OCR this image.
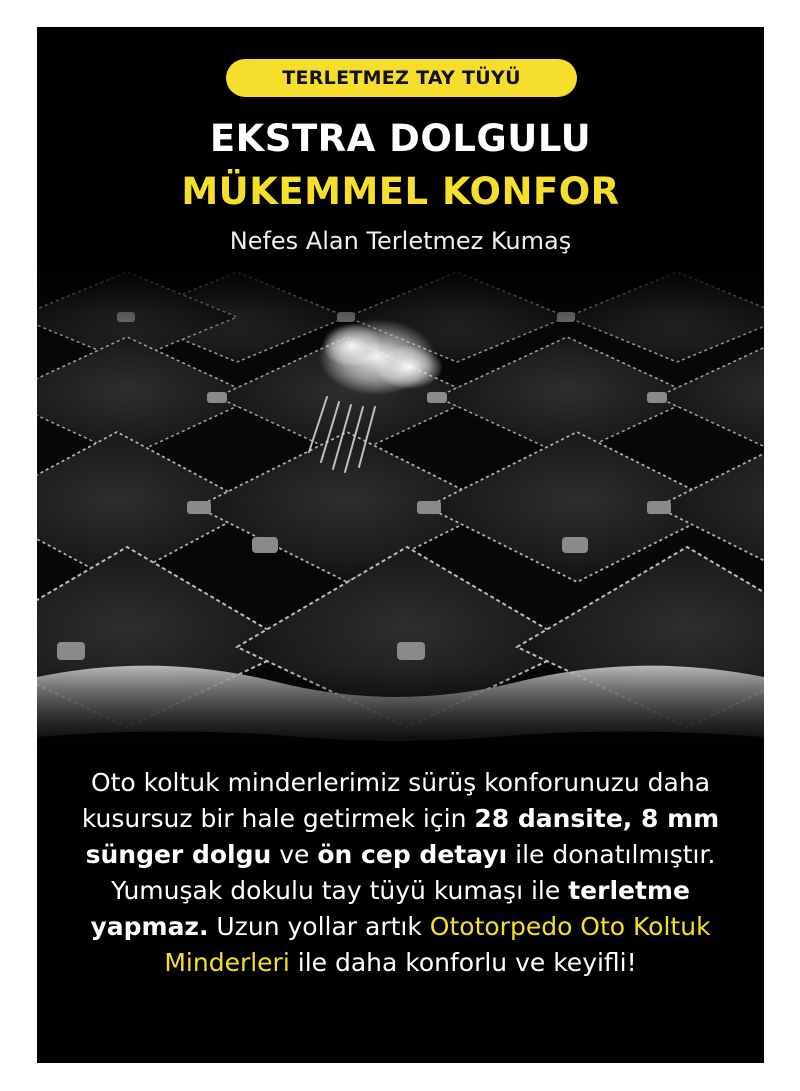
TERLETMEZ TAY TÜYÜ
EKSTRA DOLGULU
MÜKEMMEL KONFOR
Nefes Alan Terletmez Kumaş

Oto koltuk minderlerimiz sürüş konforunuzu daha kusursuz bir hale getirmek için 28 dansite, 8 mm sünger dolgu ve ön cep detayı ile donatılmıştır. Yumuşak dokulu tay tüyü kumaşı ile terletme yapmaz. Uzun yollar artık Ototorpedo Oto Koltuk Minderleri ile daha konforlu ve keyifli!
